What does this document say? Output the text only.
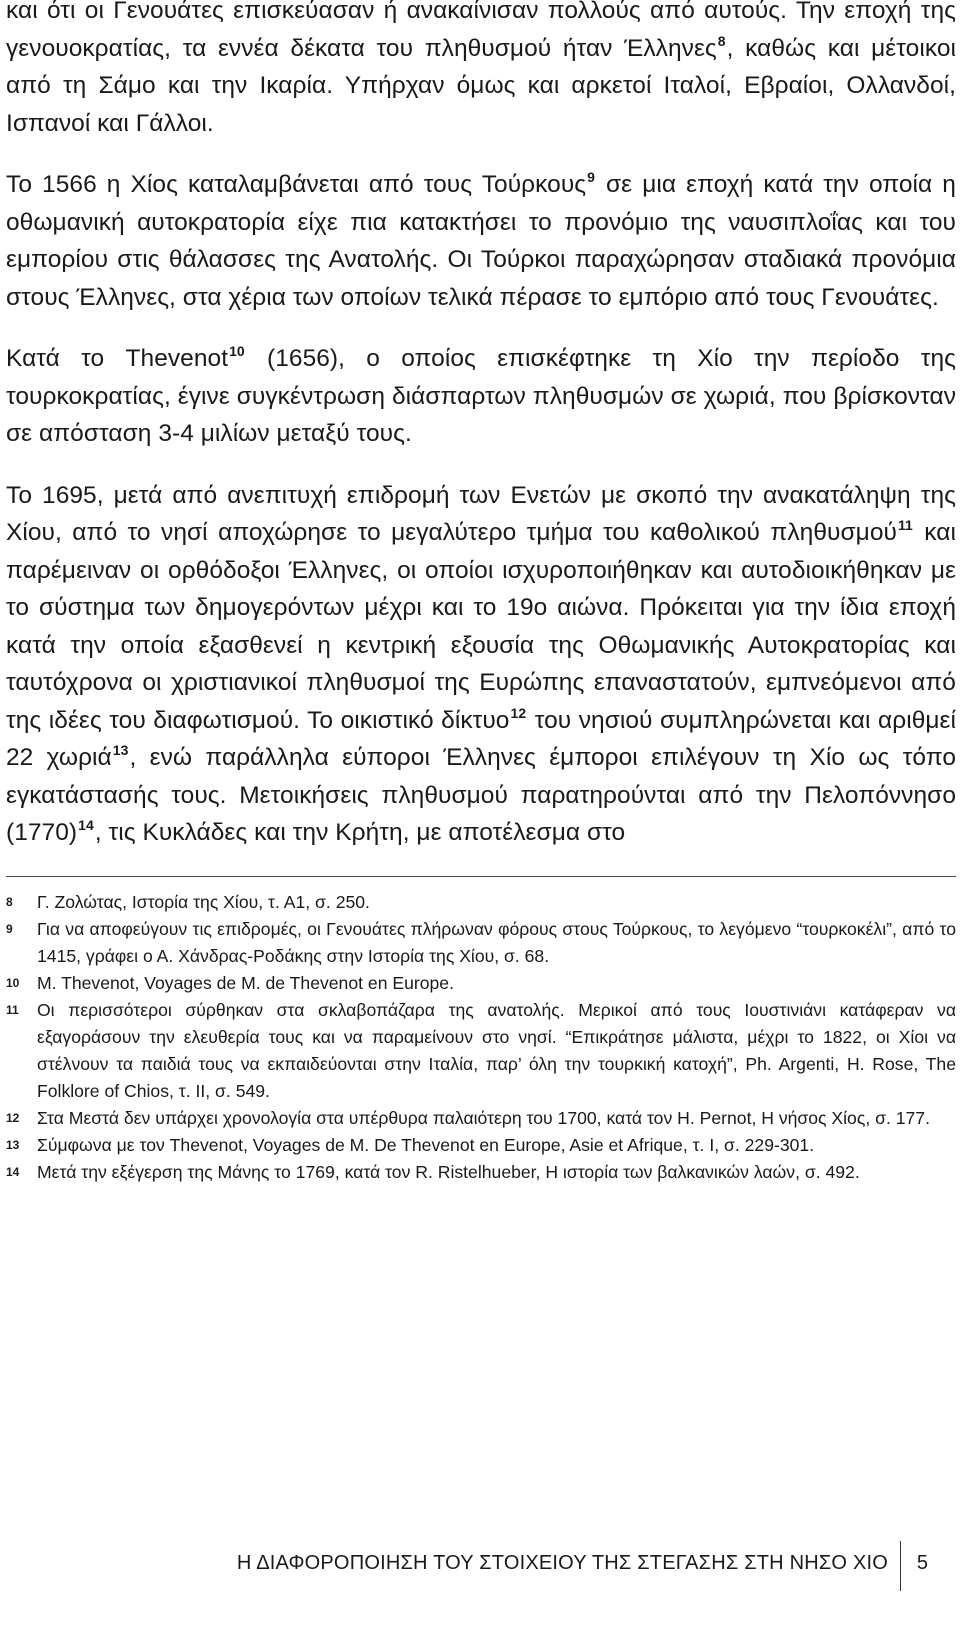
και ότι οι Γενουάτες επισκεύασαν ή ανακαίνισαν πολλούς από αυτούς. Την εποχή της γενουοκρατίας, τα εννέα δέκατα του πληθυσμού ήταν Έλληνες$^8$, καθώς και μέτοικοι από τη Σάμο και την Ικαρία. Υπήρχαν όμως και αρκετοί Ιταλοί, Εβραίοι, Ολλανδοί, Ισπανοί και Γάλλοι.

Το 1566 η Χίος καταλαμβάνεται από τους Τούρκους$^9$ σε μια εποχή κατά την οποία η οθωμανική αυτοκρατορία είχε πια κατακτήσει το προνόμιο της ναυσιπλοΐας και του εμπορίου στις θάλασσες της Ανατολής. Οι Τούρκοι παραχώρησαν σταδιακά προνόμια στους Έλληνες, στα χέρια των οποίων τελικά πέρασε το εμπόριο από τους Γενουάτες.

Κατά το Thevenot$^{10}$ (1656), ο οποίος επισκέφτηκε τη Χίο την περίοδο της τουρκοκρατίας, έγινε συγκέντρωση διάσπαρτων πληθυσμών σε χωριά, που βρίσκονταν σε απόσταση 3-4 μιλίων μεταξύ τους.

Το 1695, μετά από ανεπιτυχή επιδρομή των Ενετών με σκοπό την ανακατάληψη της Χίου, από το νησί αποχώρησε το μεγαλύτερο τμήμα του καθολικού πληθυσμού$^{11}$ και παρέμειναν οι ορθόδοξοι Έλληνες, οι οποίοι ισχυροποιήθηκαν και αυτοδιοικήθηκαν με το σύστημα των δημογερόντων μέχρι και το 19ο αιώνα. Πρόκειται για την ίδια εποχή κατά την οποία εξασθενεί η κεντρική εξουσία της Οθωμανικής Αυτοκρατορίας και ταυτόχρονα οι χριστιανικοί πληθυσμοί της Ευρώπης επαναστατούν, εμπνεόμενοι από της ιδέες του διαφωτισμού. Το οικιστικό δίκτυο$^{12}$ του νησιού συμπληρώνεται και αριθμεί 22 χωριά$^{13}$, ενώ παράλληλα εύποροι Έλληνες έμποροι επιλέγουν τη Χίο ως τόπο εγκατάστασής τους. Μετοικήσεις πληθυσμού παρατηρούνται από την Πελοπόννησο (1770)$^{14}$, τις Κυκλάδες και την Κρήτη, με αποτέλεσμα στο

8 Γ. Ζολώτας, Ιστορία της Χίου, τ. Α1, σ. 250.
9 Για να αποφεύγουν τις επιδρομές, οι Γενουάτες πλήρωναν φόρους στους Τούρκους, το λεγόμενο “τουρκοκέλι”, από το 1415, γράφει ο Α. Χάνδρας-Ροδάκης στην Ιστορία της Χίου, σ. 68.
10 M. Thevenot, Voyages de M. de Thevenot en Europe.
11 Οι περισσότεροι σύρθηκαν στα σκλαβοπάζαρα της ανατολής. Μερικοί από τους Ιουστινιάνι κατάφεραν να εξαγοράσουν την ελευθερία τους και να παραμείνουν στο νησί. “Επικράτησε μάλιστα, μέχρι το 1822, οι Χίοι να στέλνουν τα παιδιά τους να εκπαιδεύονται στην Ιταλία, παρ’ όλη την τουρκική κατοχή”, Ph. Argenti, H. Rose, The Folklore of Chios, τ. II, σ. 549.
12 Στα Μεστά δεν υπάρχει χρονολογία στα υπέρθυρα παλαιότερη του 1700, κατά τον Η. Pernot, Η νήσος Χίος, σ. 177.
13 Σύμφωνα με τον Thevenot, Voyages de M. De Thevenot en Europe, Asie et Afrique, τ. I, σ. 229-301.
14 Μετά την εξέγερση της Μάνης το 1769, κατά τον R. Ristelhueber, Η ιστορία των βαλκανικών λαών, σ. 492.
Η ΔΙΑΦΟΡΟΠΟΙΗΣΗ ΤΟΥ ΣΤΟΙΧΕΙΟΥ ΤΗΣ ΣΤΕΓΑΣΗΣ ΣΤΗ ΝΗΣΟ ΧΙΟ 5
